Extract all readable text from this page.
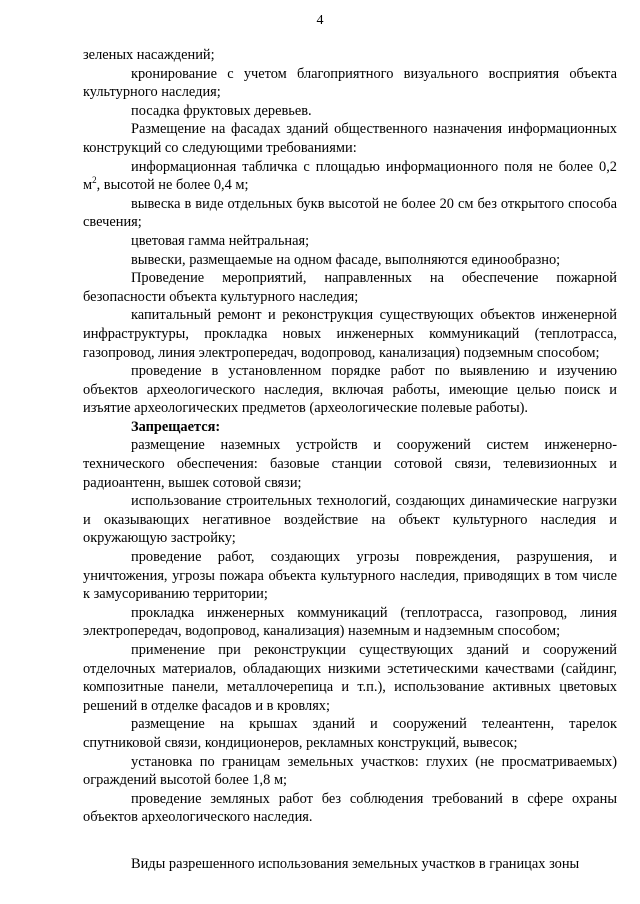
4

зеленых насаждений;

кронирование с учетом благоприятного визуального восприятия объекта культурного наследия;

посадка фруктовых деревьев.

Размещение на фасадах зданий общественного назначения информационных конструкций со следующими требованиями:

информационная табличка с площадью информационного поля не более 0,2 $м^2$, высотой не более 0,4 м;

вывеска в виде отдельных букв высотой не более 20 см без открытого способа свечения;

цветовая гамма нейтральная;

вывески, размещаемые на одном фасаде, выполняются единообразно;

Проведение мероприятий, направленных на обеспечение пожарной безопасности объекта культурного наследия;

капитальный ремонт и реконструкция существующих объектов инженерной инфраструктуры, прокладка новых инженерных коммуникаций (теплотрасса, газопровод, линия электропередач, водопровод, канализация) подземным способом;

проведение в установленном порядке работ по выявлению и изучению объектов археологического наследия, включая работы, имеющие целью поиск и изъятие археологических предметов (археологические полевые работы).

Запрещается:

размещение наземных устройств и сооружений систем инженерно-технического обеспечения: базовые станции сотовой связи, телевизионных и радиоантенн, вышек сотовой связи;

использование строительных технологий, создающих динамические нагрузки и оказывающих негативное воздействие на объект культурного наследия и окружающую застройку;

проведение работ, создающих угрозы повреждения, разрушения, и уничтожения, угрозы пожара объекта культурного наследия, приводящих в том числе к замусориванию территории;

прокладка инженерных коммуникаций (теплотрасса, газопровод, линия электропередач, водопровод, канализация) наземным и надземным способом;

применение при реконструкции существующих зданий и сооружений отделочных материалов, обладающих низкими эстетическими качествами (сайдинг, композитные панели, металлочерепица и т.п.), использование активных цветовых решений в отделке фасадов и в кровлях;

размещение на крышах зданий и сооружений телеантенн, тарелок спутниковой связи, кондиционеров, рекламных конструкций, вывесок;

установка по границам земельных участков: глухих (не просматриваемых) ограждений высотой более 1,8 м;

проведение земляных работ без соблюдения требований в сфере охраны объектов археологического наследия.

Виды разрешенного использования земельных участков в границах зоны
